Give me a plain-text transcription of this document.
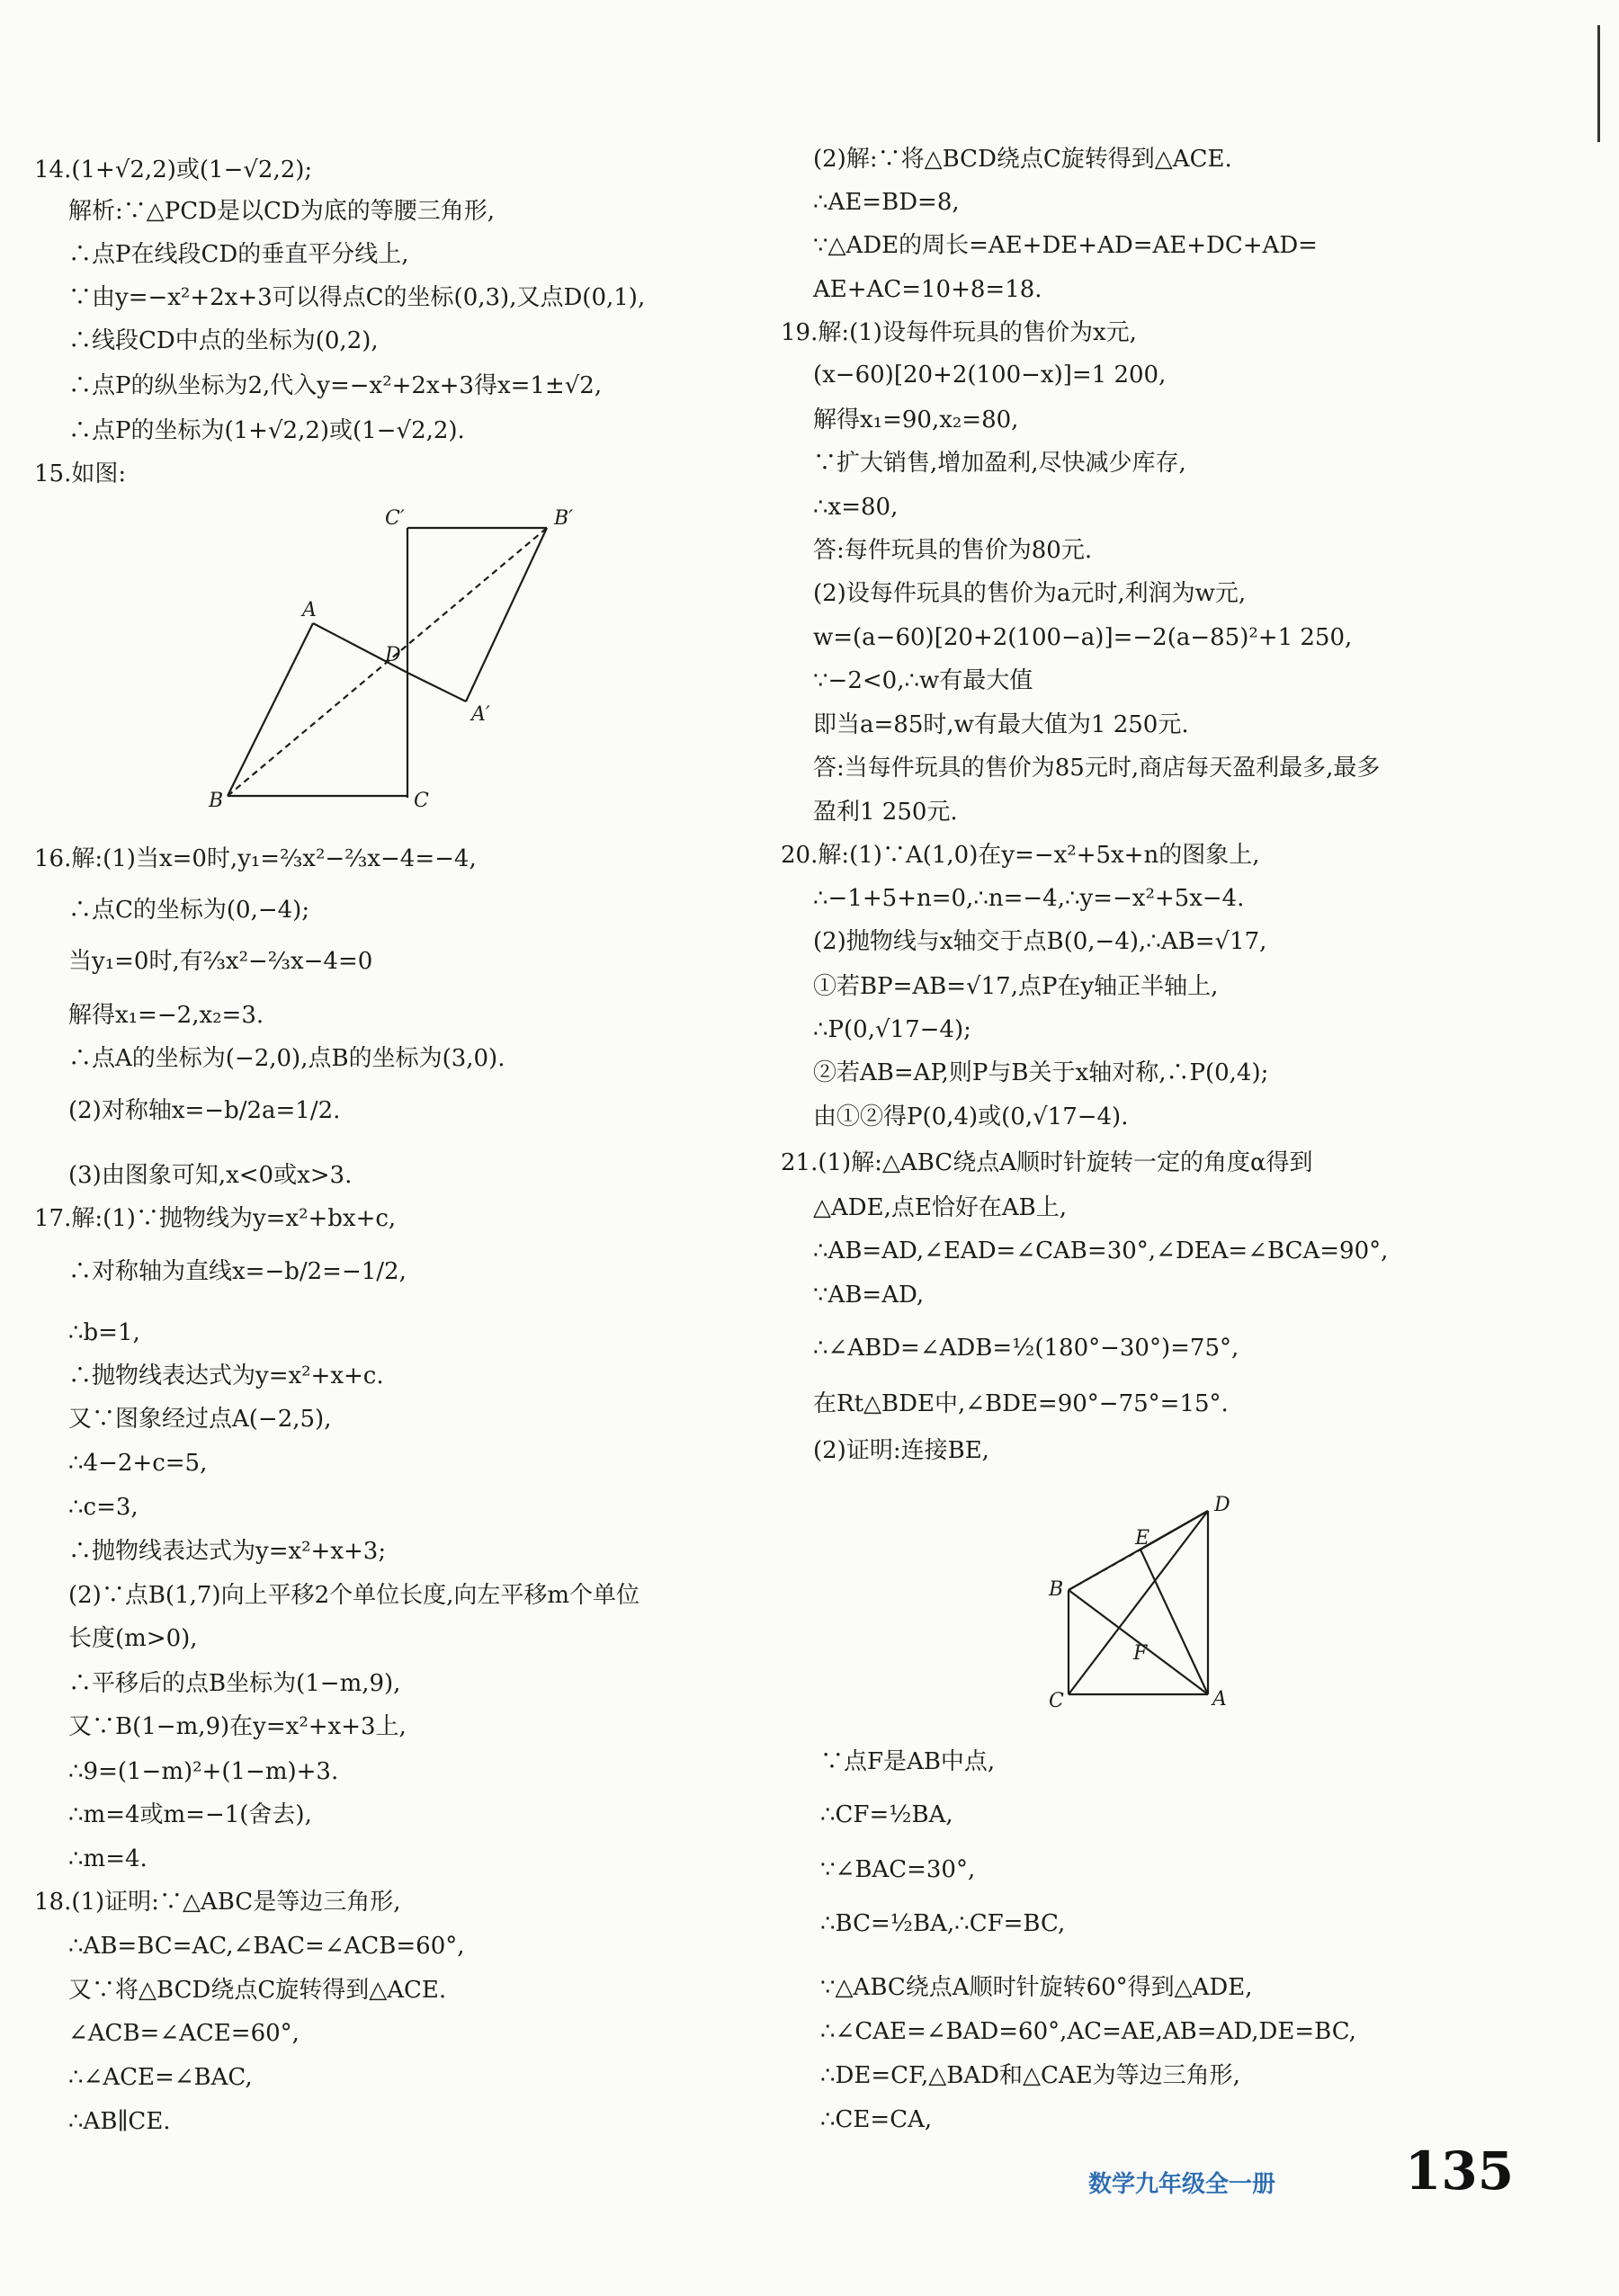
14.(1+√2,2)或(1−√2,2);
解析:∵△PCD是以CD为底的等腰三角形,
∴点P在线段CD的垂直平分线上,
∵由y=−x²+2x+3可以得点C的坐标(0,3),又点D(0,1),
∴线段CD中点的坐标为(0,2),
∴点P的纵坐标为2,代入y=−x²+2x+3得x=1±√2,
∴点P的坐标为(1+√2,2)或(1−√2,2).
15.如图:
C′	B′
A
D
A′
B	C
16.解:(1)当x=0时,y₁=⅔x²−⅔x−4=−4,
∴点C的坐标为(0,−4);
当y₁=0时,有⅔x²−⅔x−4=0
解得x₁=−2,x₂=3.
∴点A的坐标为(−2,0),点B的坐标为(3,0).
(2)对称轴x=−b/2a=1/2.
(3)由图象可知,x<0或x>3.
17.解:(1)∵抛物线为y=x²+bx+c,
∴对称轴为直线x=−b/2=−1/2,
∴b=1,
∴抛物线表达式为y=x²+x+c.
又∵图象经过点A(−2,5),
∴4−2+c=5,
∴c=3,
∴抛物线表达式为y=x²+x+3;
(2)∵点B(1,7)向上平移2个单位长度,向左平移m个单位
长度(m>0),
∴平移后的点B坐标为(1−m,9),
又∵B(1−m,9)在y=x²+x+3上,
∴9=(1−m)²+(1−m)+3.
∴m=4或m=−1(舍去),
∴m=4.
18.(1)证明:∵△ABC是等边三角形,
∴AB=BC=AC,∠BAC=∠ACB=60°,
又∵将△BCD绕点C旋转得到△ACE.
∠ACB=∠ACE=60°,
∴∠ACE=∠BAC,
∴AB∥CE.
(2)解:∵将△BCD绕点C旋转得到△ACE.
∴AE=BD=8,
∵△ADE的周长=AE+DE+AD=AE+DC+AD=
AE+AC=10+8=18.
19.解:(1)设每件玩具的售价为x元,
(x−60)[20+2(100−x)]=1 200,
解得x₁=90,x₂=80,
∵扩大销售,增加盈利,尽快减少库存,
∴x=80,
答:每件玩具的售价为80元.
(2)设每件玩具的售价为a元时,利润为w元,
w=(a−60)[20+2(100−a)]=−2(a−85)²+1 250,
∵−2<0,∴w有最大值
即当a=85时,w有最大值为1 250元.
答:当每件玩具的售价为85元时,商店每天盈利最多,最多
盈利1 250元.
20.解:(1)∵A(1,0)在y=−x²+5x+n的图象上,
∴−1+5+n=0,∴n=−4,∴y=−x²+5x−4.
(2)抛物线与x轴交于点B(0,−4),∴AB=√17,
①若BP=AB=√17,点P在y轴正半轴上,
∴P(0,√17−4);
②若AB=AP,则P与B关于x轴对称,∴P(0,4);
由①②得P(0,4)或(0,√17−4).
21.(1)解:△ABC绕点A顺时针旋转一定的角度α得到
△ADE,点E恰好在AB上,
∴AB=AD,∠EAD=∠CAB=30°,∠DEA=∠BCA=90°,
∵AB=AD,
∴∠ABD=∠ADB=½(180°−30°)=75°,
在Rt△BDE中,∠BDE=90°−75°=15°.
(2)证明:连接BE,
D
E
B
F
C	A
∵点F是AB中点,
∴CF=½BA,
∵∠BAC=30°,
∴BC=½BA,∴CF=BC,
∵△ABC绕点A顺时针旋转60°得到△ADE,
∴∠CAE=∠BAD=60°,AC=AE,AB=AD,DE=BC,
∴DE=CF,△BAD和△CAE为等边三角形,
∴CE=CA,
数学九年级全一册 135
